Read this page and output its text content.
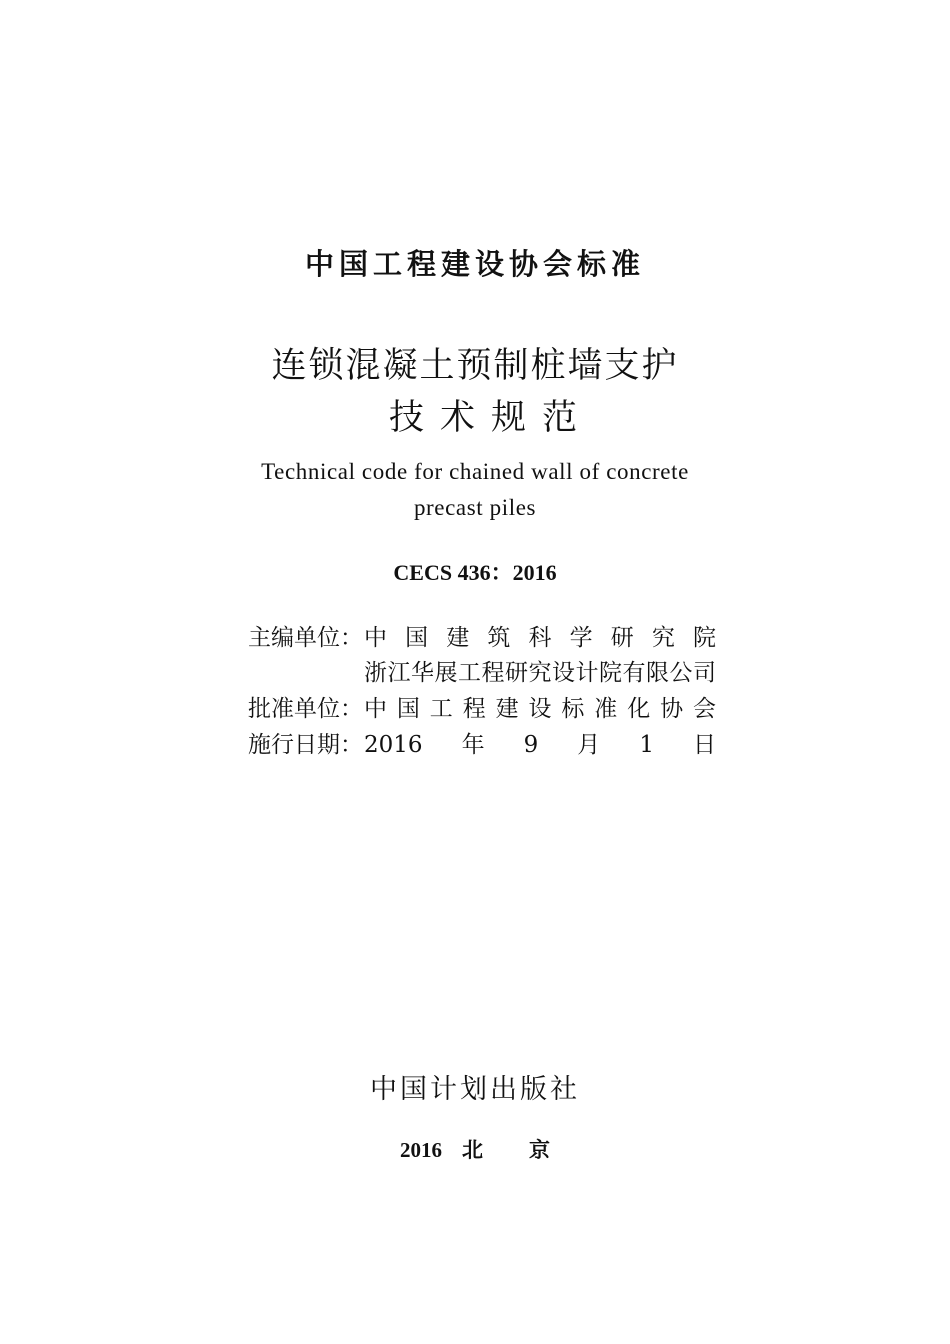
中国工程建设协会标准
连锁混凝土预制桩墙支护
技术规范
Technical code for chained wall of concrete
precast piles
CECS 436：2016
主编单位： 中国建筑科学研究院
浙江华展工程研究设计院有限公司
批准单位： 中国工程建设标准化协会
施行日期： 2016年9月1日
中国计划出版社
2016 北 京
